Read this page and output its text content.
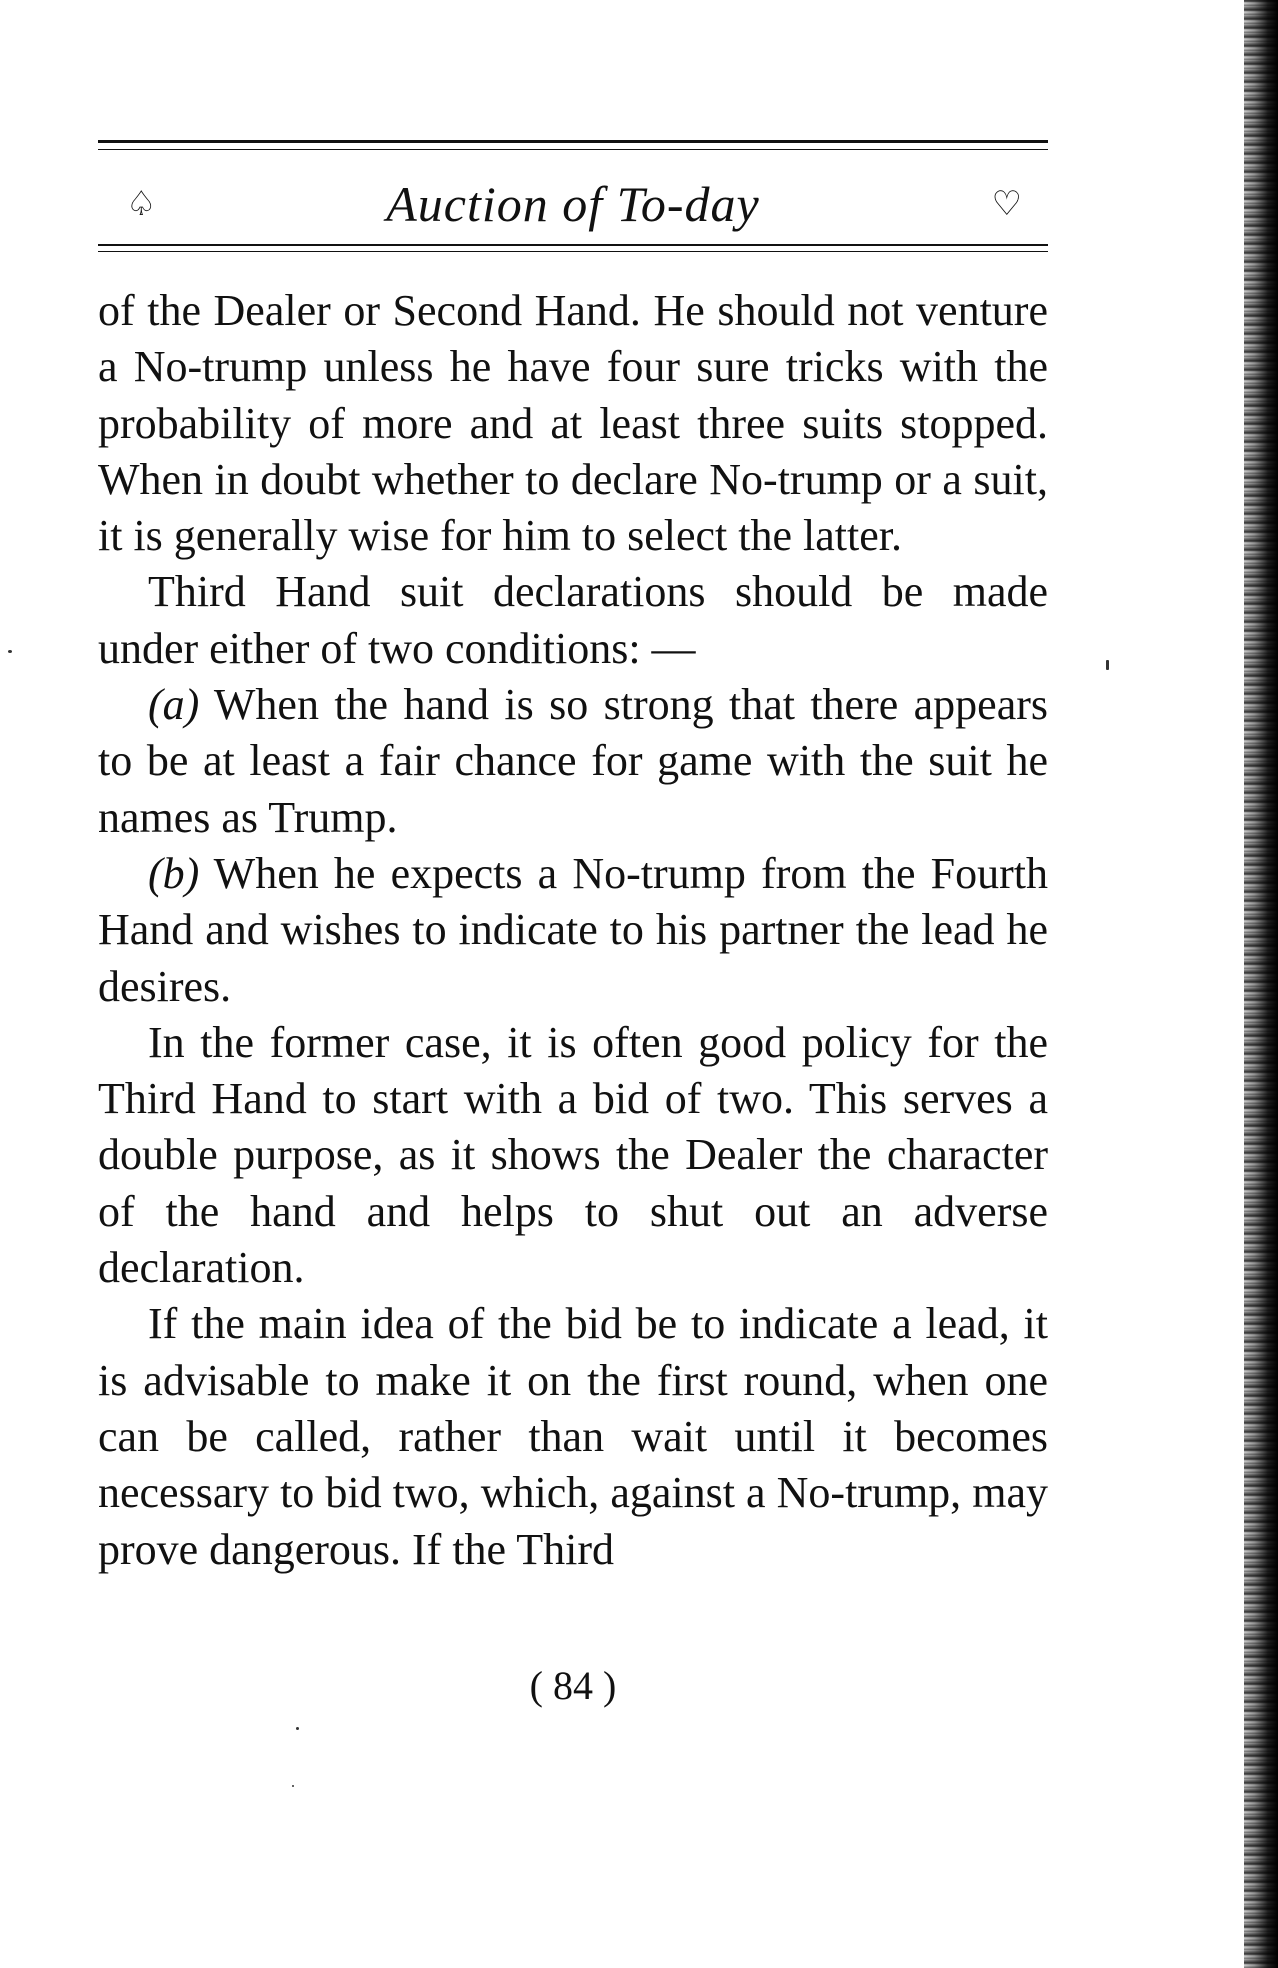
♤	Auction of To-day	♡

of the Dealer or Second Hand. He should not venture a No-trump unless he have four sure tricks with the probability of more and at least three suits stopped. When in doubt whether to declare No-trump or a suit, it is generally wise for him to select the latter.

Third Hand suit declarations should be made under either of two conditions: —

(a) When the hand is so strong that there appears to be at least a fair chance for game with the suit he names as Trump.

(b) When he expects a No-trump from the Fourth Hand and wishes to indicate to his partner the lead he desires.

In the former case, it is often good policy for the Third Hand to start with a bid of two. This serves a double purpose, as it shows the Dealer the character of the hand and helps to shut out an adverse declaration.

If the main idea of the bid be to indicate a lead, it is advisable to make it on the first round, when one can be called, rather than wait until it becomes necessary to bid two, which, against a No-trump, may prove dangerous. If the Third

( 84 )
